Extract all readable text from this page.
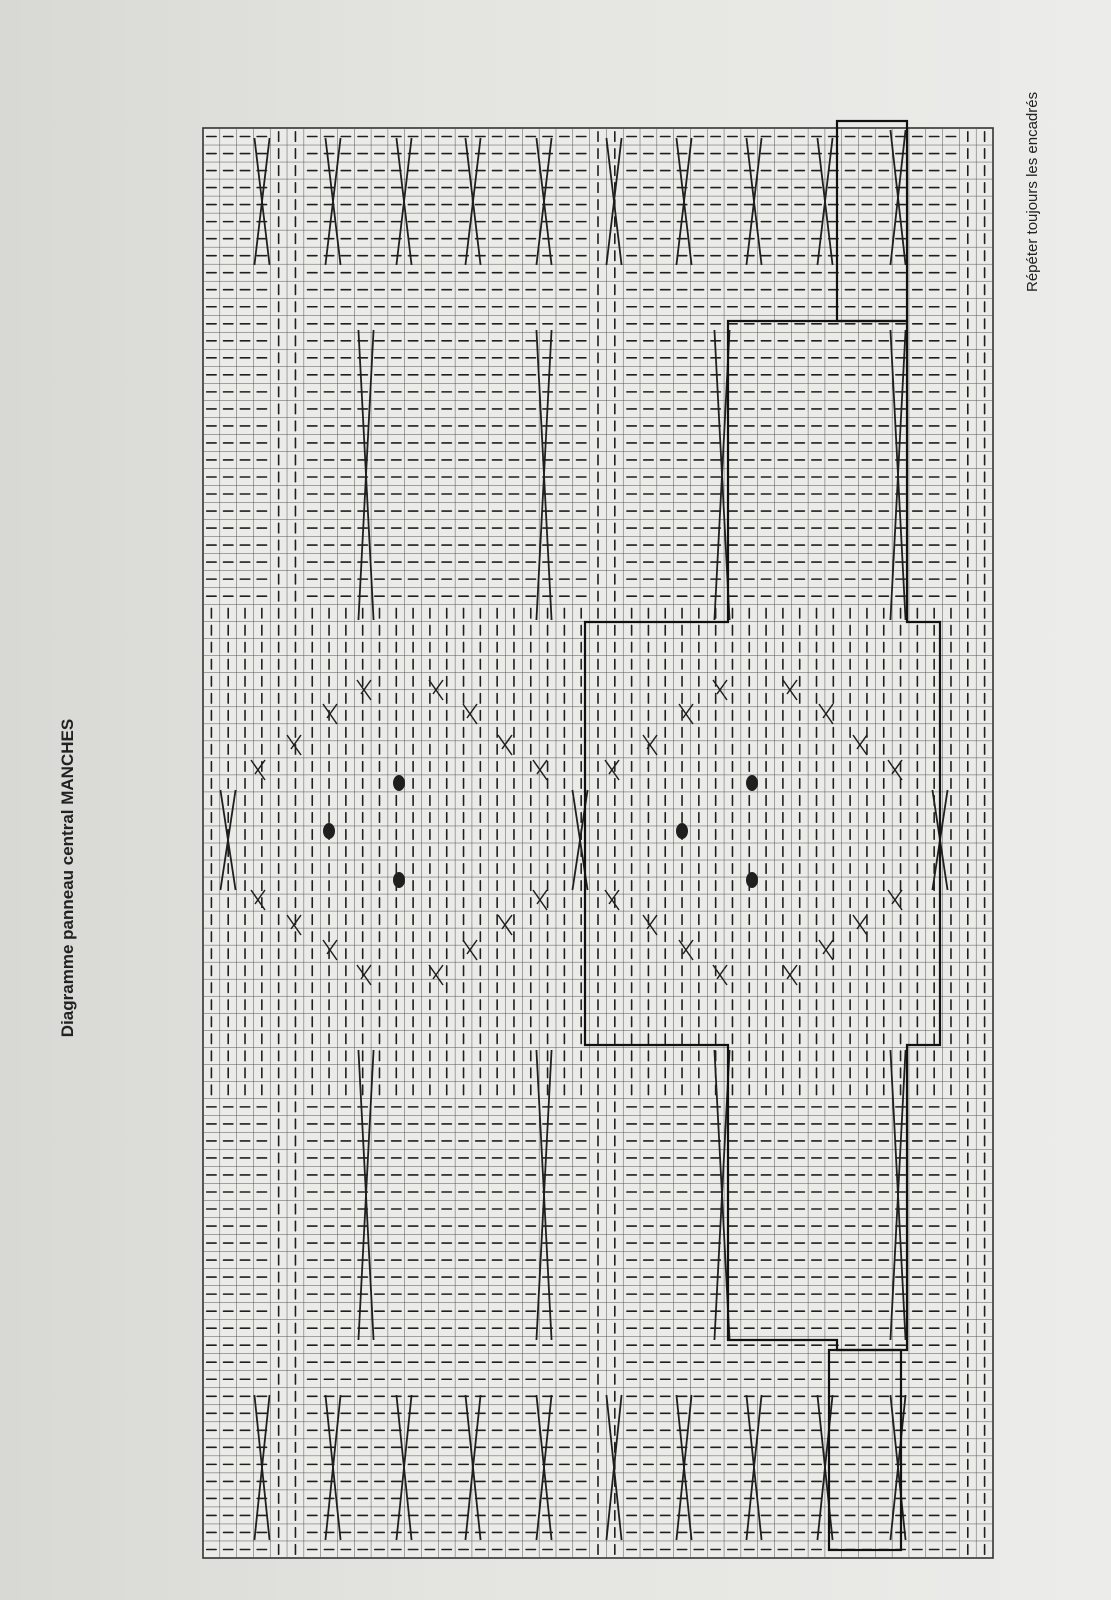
Diagramme panneau central MANCHES
Répéter toujours les encadrés
